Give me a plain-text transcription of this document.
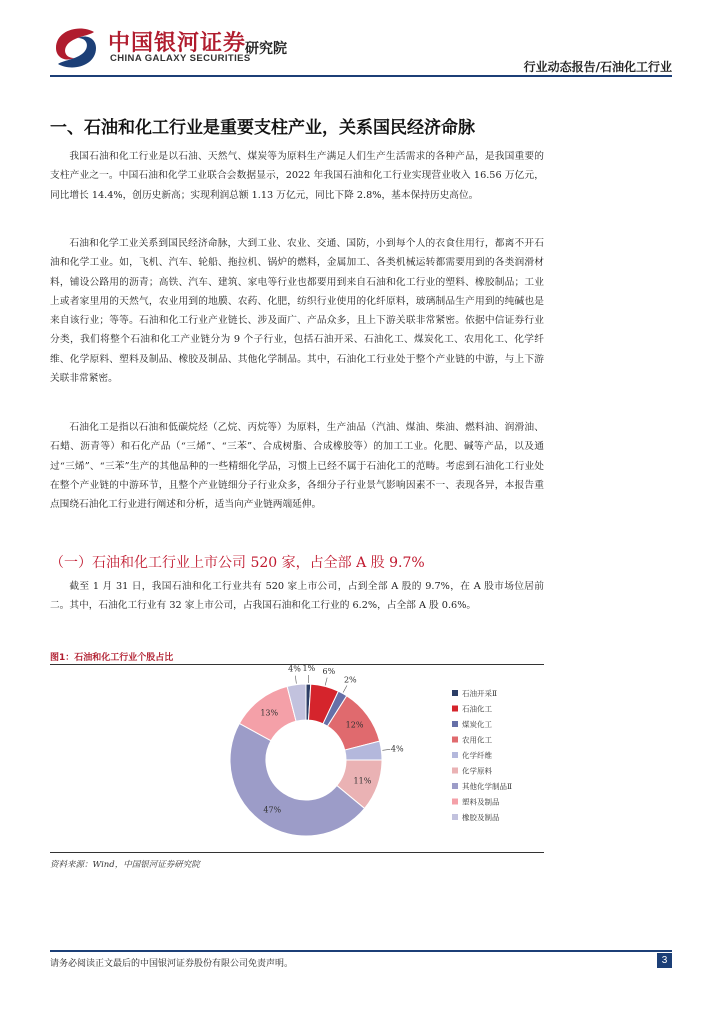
中国银河证券
CHINA GALAXY SECURITIES
研究院
行业动态报告/石油化工行业
一、石油和化工行业是重要支柱产业，关系国民经济命脉

我国石油和化工行业是以石油、天然气、煤炭等为原料生产满足人们生产生活需求的各种产品，是我国重要的支柱产业之一。中国石油和化学工业联合会数据显示，2022 年我国石油和化工行业实现营业收入 16.56 万亿元，同比增长 14.4%，创历史新高；实现利润总额 1.13 万亿元，同比下降 2.8%，基本保持历史高位。

石油和化学工业关系到国民经济命脉，大到工业、农业、交通、国防，小到每个人的衣食住用行，都离不开石油和化学工业。如，飞机、汽车、轮船、拖拉机、锅炉的燃料，金属加工、各类机械运转都需要用到的各类润滑材料，铺设公路用的沥青；高铁、汽车、建筑、家电等行业也都要用到来自石油和化工行业的塑料、橡胶制品；工业上或者家里用的天然气，农业用到的地膜、农药、化肥，纺织行业使用的化纤原料，玻璃制品生产用到的纯碱也是来自该行业；等等。石油和化工行业产业链长、涉及面广、产品众多，且上下游关联非常紧密。依据中信证券行业分类，我们将整个石油和化工产业链分为 9 个子行业，包括石油开采、石油化工、煤炭化工、农用化工、化学纤维、化学原料、塑料及制品、橡胶及制品、其他化学制品。其中，石油化工行业处于整个产业链的中游，与上下游关联非常紧密。

石油化工是指以石油和低碳烷烃（乙烷、丙烷等）为原料，生产油品（汽油、煤油、柴油、燃料油、润滑油、石蜡、沥青等）和石化产品（“三烯”、“三苯”、合成树脂、合成橡胶等）的加工工业。化肥、碱等产品，以及通过“三烯”、“三苯”生产的其他品种的一些精细化学品，习惯上已经不属于石油化工的范畴。考虑到石油化工行业处在整个产业链的中游环节，且整个产业链细分子行业众多，各细分子行业景气影响因素不一、表现各异，本报告重点围绕石油化工行业进行阐述和分析，适当向产业链两端延伸。

（一）石油和化工行业上市公司 520 家，占全部 A 股 9.7%

截至 1 月 31 日，我国石油和化工行业共有 520 家上市公司，占到全部 A 股的 9.7%，在 A 股市场位居前二。其中，石油化工行业有 32 家上市公司，占我国石油和化工行业的 6.2%，占全部 A 股 0.6%。

图1：石油和化工行业个股占比
1% 6%
2%
12%
4%
11%
47%
13%
4%
石油开采Ⅱ
石油化工
煤炭化工
农用化工
化学纤维
化学原料
其他化学制品Ⅱ
塑料及制品
橡胶及制品
资料来源：Wind，中国银河证券研究院
请务必阅读正文最后的中国银河证券股份有限公司免责声明。	3
